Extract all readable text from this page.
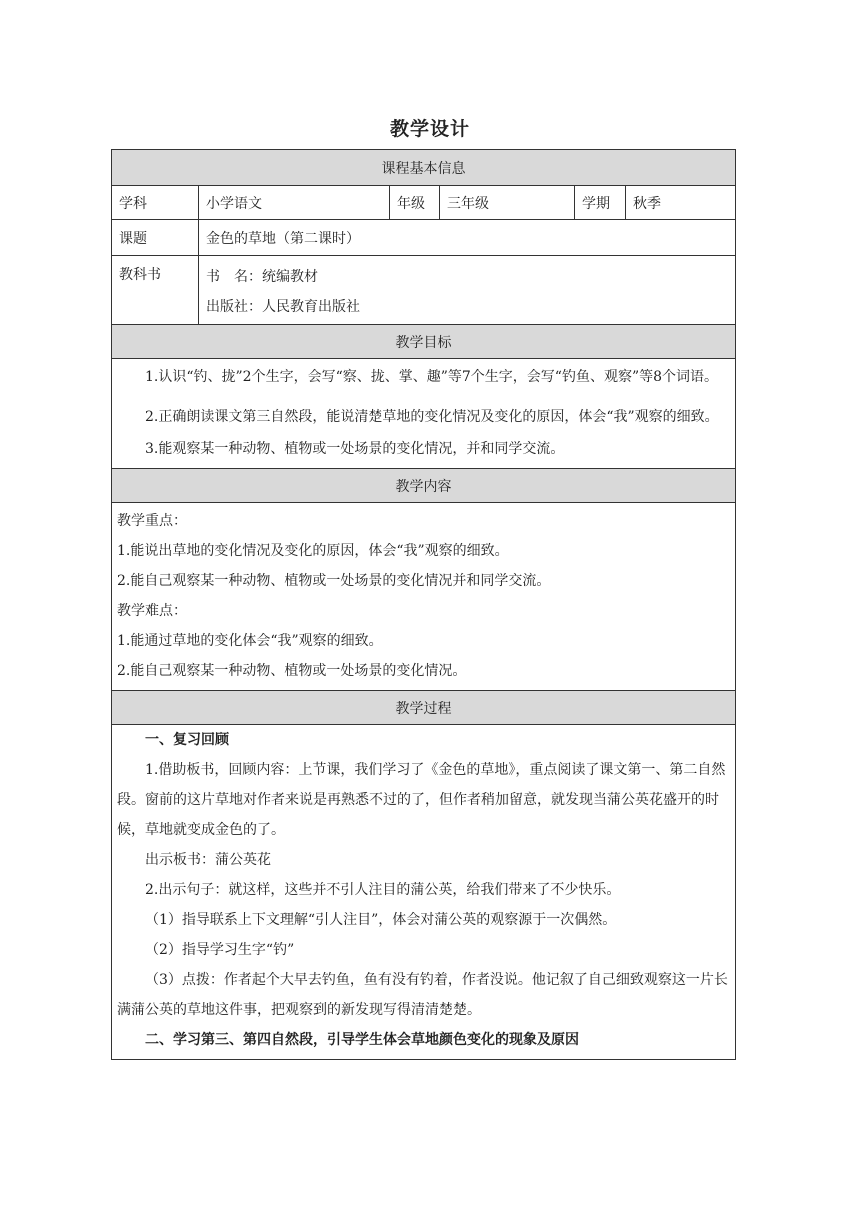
教学设计
课程基本信息
学科	小学语文	年级	三年级	学期	秋季
课题	金色的草地（第二课时）
教科书	书　名：统编教材
出版社：人民教育出版社
教学目标

1.认识“钓、拢”2个生字，会写“察、拢、掌、趣”等7个生字，会写“钓鱼、观察”等8个词语。

2.正确朗读课文第三自然段，能说清楚草地的变化情况及变化的原因，体会“我”观察的细致。

3.能观察某一种动物、植物或一处场景的变化情况，并和同学交流。

教学内容

教学重点：

1.能说出草地的变化情况及变化的原因，体会“我”观察的细致。

2.能自己观察某一种动物、植物或一处场景的变化情况并和同学交流。

教学难点：

1.能通过草地的变化体会“我”观察的细致。

2.能自己观察某一种动物、植物或一处场景的变化情况。

教学过程

一、复习回顾

1.借助板书，回顾内容：上节课，我们学习了《金色的草地》，重点阅读了课文第一、第二自然段。窗前的这片草地对作者来说是再熟悉不过的了，但作者稍加留意，就发现当蒲公英花盛开的时候，草地就变成金色的了。

出示板书：蒲公英花

2.出示句子：就这样，这些并不引人注目的蒲公英，给我们带来了不少快乐。

（1）指导联系上下文理解“引人注目”，体会对蒲公英的观察源于一次偶然。

（2）指导学习生字“钓”

（3）点拨：作者起个大早去钓鱼，鱼有没有钓着，作者没说。他记叙了自己细致观察这一片长满蒲公英的草地这件事，把观察到的新发现写得清清楚楚。

二、学习第三、第四自然段，引导学生体会草地颜色变化的现象及原因
